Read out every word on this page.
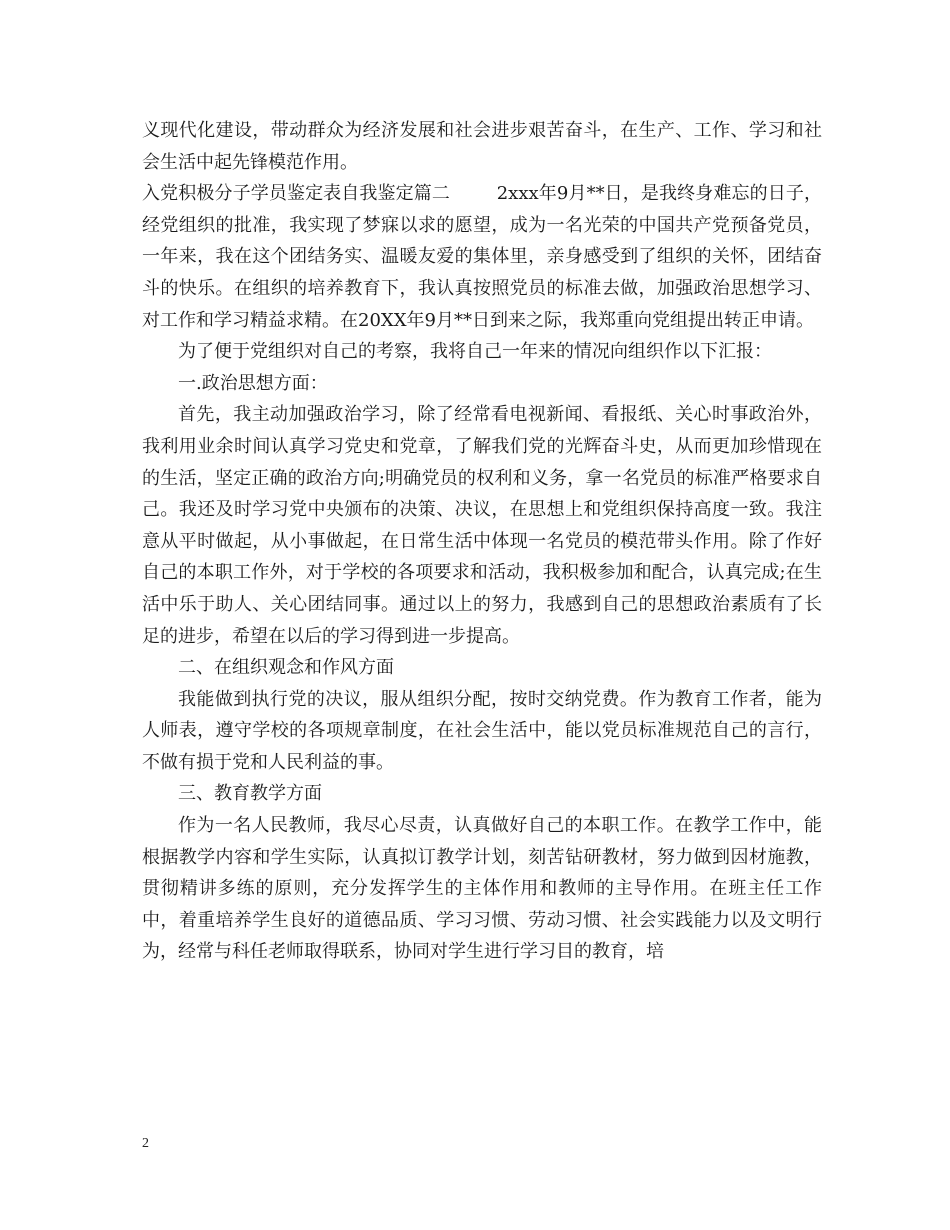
义现代化建设，带动群众为经济发展和社会进步艰苦奋斗，在生产、工作、学习和社会生活中起先锋模范作用。

入党积极分子学员鉴定表自我鉴定篇二        2xxx年9月**日，是我终身难忘的日子，经党组织的批准，我实现了梦寐以求的愿望，成为一名光荣的中国共产党预备党员，一年来，我在这个团结务实、温暖友爱的集体里，亲身感受到了组织的关怀，团结奋斗的快乐。在组织的培养教育下，我认真按照党员的标准去做，加强政治思想学习、对工作和学习精益求精。在20XX年9月**日到来之际，我郑重向党组提出转正申请。

为了便于党组织对自己的考察，我将自己一年来的情况向组织作以下汇报：

一.政治思想方面：

首先，我主动加强政治学习，除了经常看电视新闻、看报纸、关心时事政治外，我利用业余时间认真学习党史和党章，了解我们党的光辉奋斗史，从而更加珍惜现在的生活，坚定正确的政治方向;明确党员的权利和义务，拿一名党员的标准严格要求自己。我还及时学习党中央颁布的决策、决议，在思想上和党组织保持高度一致。我注意从平时做起，从小事做起，在日常生活中体现一名党员的模范带头作用。除了作好自己的本职工作外，对于学校的各项要求和活动，我积极参加和配合，认真完成;在生活中乐于助人、关心团结同事。通过以上的努力，我感到自己的思想政治素质有了长足的进步，希望在以后的学习得到进一步提高。

二、在组织观念和作风方面

我能做到执行党的决议，服从组织分配，按时交纳党费。作为教育工作者，能为人师表，遵守学校的各项规章制度，在社会生活中，能以党员标准规范自己的言行，不做有损于党和人民利益的事。

三、教育教学方面

作为一名人民教师，我尽心尽责，认真做好自己的本职工作。在教学工作中，能根据教学内容和学生实际，认真拟订教学计划，刻苦钻研教材，努力做到因材施教，贯彻精讲多练的原则，充分发挥学生的主体作用和教师的主导作用。在班主任工作中，着重培养学生良好的道德品质、学习习惯、劳动习惯、社会实践能力以及文明行为，经常与科任老师取得联系，协同对学生进行学习目的教育，培

2
